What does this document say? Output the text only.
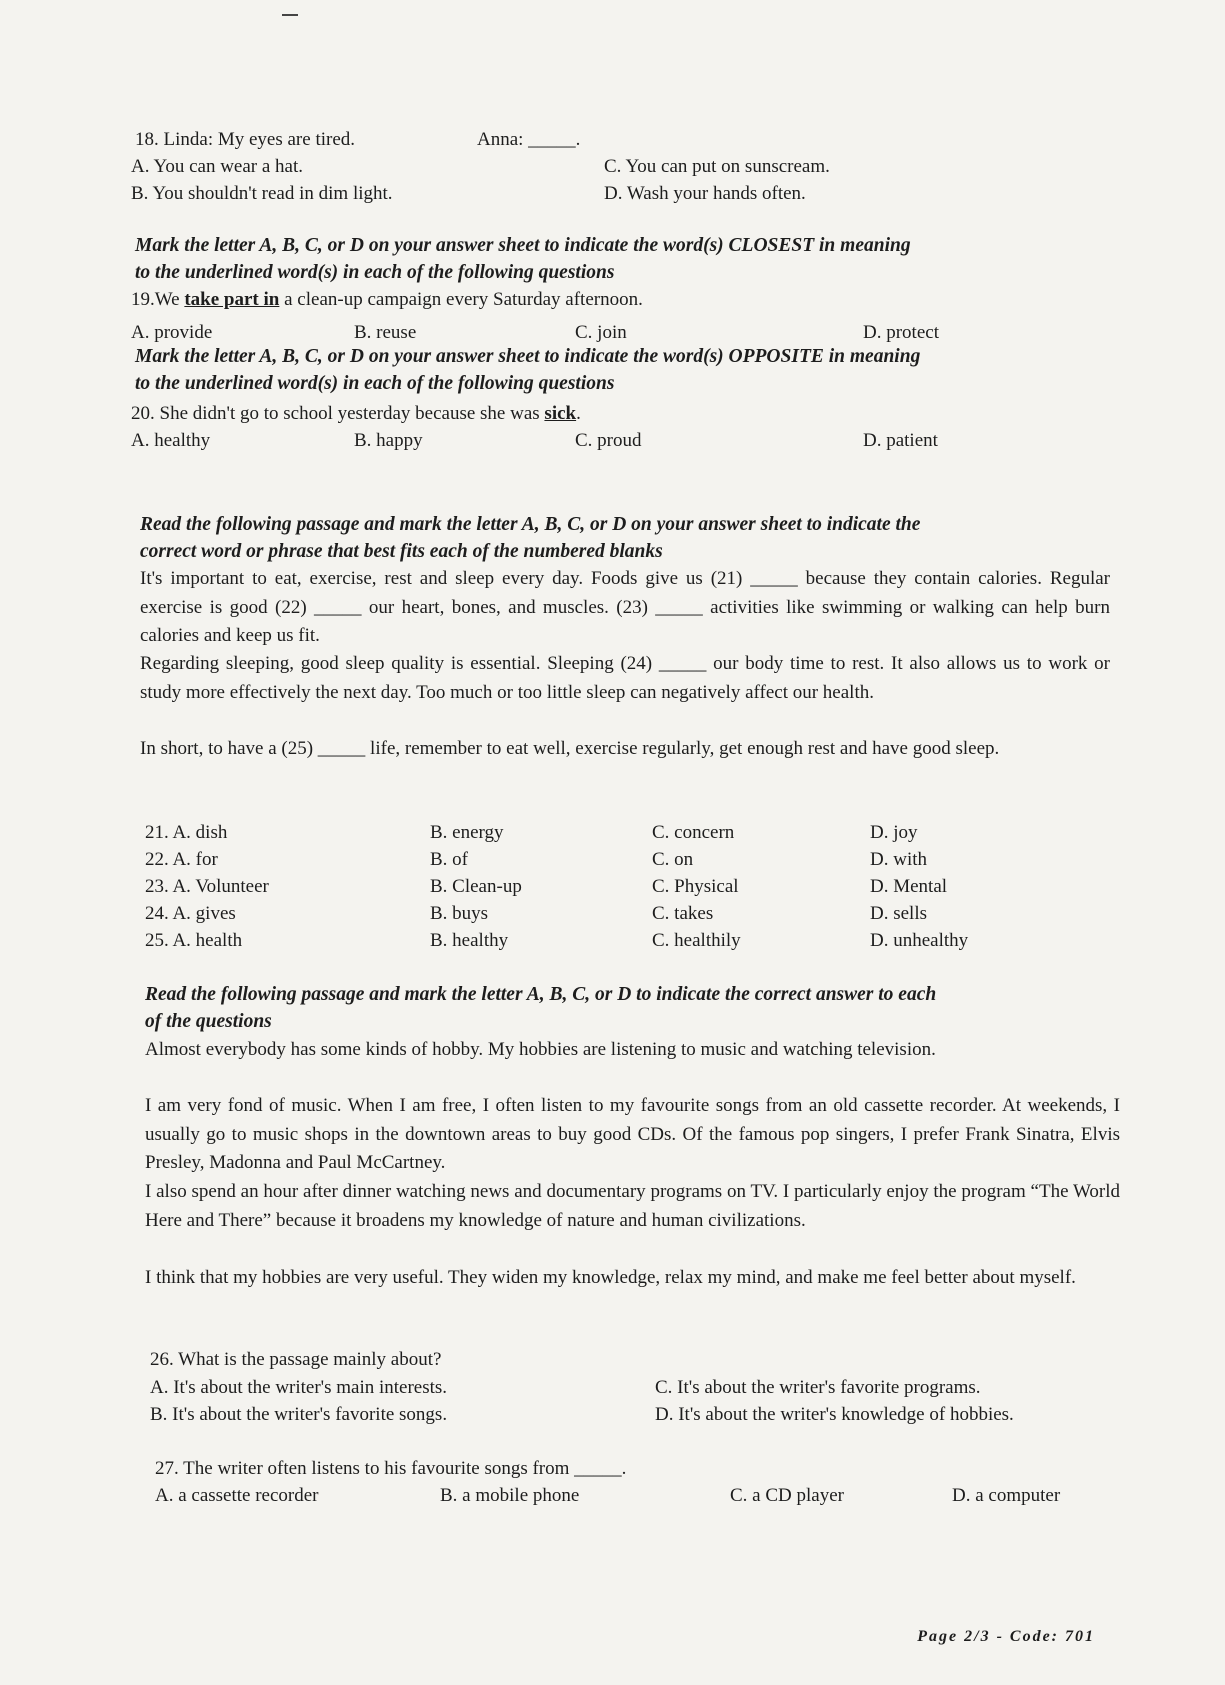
18. Linda: My eyes are tired.	Anna: _____.
A. You can wear a hat.	C. You can put on sunscream.
B. You shouldn't read in dim light.	D. Wash your hands often.
Mark the letter A, B, C, or D on your answer sheet to indicate the word(s) CLOSEST in meaning
to the underlined word(s) in each of the following questions
19.We take part in a clean-up campaign every Saturday afternoon.
A. provide	B. reuse	C. join	D. protect
Mark the letter A, B, C, or D on your answer sheet to indicate the word(s) OPPOSITE in meaning
to the underlined word(s) in each of the following questions
20. She didn't go to school yesterday because she was sick.
A. healthy	B. happy	C. proud	D. patient
Read the following passage and mark the letter A, B, C, or D on your answer sheet to indicate the
correct word or phrase that best fits each of the numbered blanks
It's important to eat, exercise, rest and sleep every day. Foods give us (21) _____ because they contain calories. Regular exercise is good (22) _____ our heart, bones, and muscles. (23) _____ activities like swimming or walking can help burn calories and keep us fit.
Regarding sleeping, good sleep quality is essential. Sleeping (24) _____ our body time to rest. It also allows us to work or study more effectively the next day. Too much or too little sleep can negatively affect our health.
In short, to have a (25) _____ life, remember to eat well, exercise regularly, get enough rest and have good sleep.
21. A. dish	B. energy	C. concern	D. joy
22. A. for	B. of	C. on	D. with
23. A. Volunteer	B. Clean-up	C. Physical	D. Mental
24. A. gives	B. buys	C. takes	D. sells
25. A. health	B. healthy	C. healthily	D. unhealthy
Read the following passage and mark the letter A, B, C, or D to indicate the correct answer to each
of the questions
Almost everybody has some kinds of hobby. My hobbies are listening to music and watching television.
I am very fond of music. When I am free, I often listen to my favourite songs from an old cassette recorder. At weekends, I usually go to music shops in the downtown areas to buy good CDs. Of the famous pop singers, I prefer Frank Sinatra, Elvis Presley, Madonna and Paul McCartney.
I also spend an hour after dinner watching news and documentary programs on TV. I particularly enjoy the program “The World Here and There” because it broadens my knowledge of nature and human civilizations.
I think that my hobbies are very useful. They widen my knowledge, relax my mind, and make me feel better about myself.
26. What is the passage mainly about?
A. It's about the writer's main interests.	C. It's about the writer's favorite programs.
B. It's about the writer's favorite songs.	D. It's about the writer's knowledge of hobbies.
27. The writer often listens to his favourite songs from _____.
A. a cassette recorder	B. a mobile phone	C. a CD player	D. a computer
Page 2/3 - Code: 701
